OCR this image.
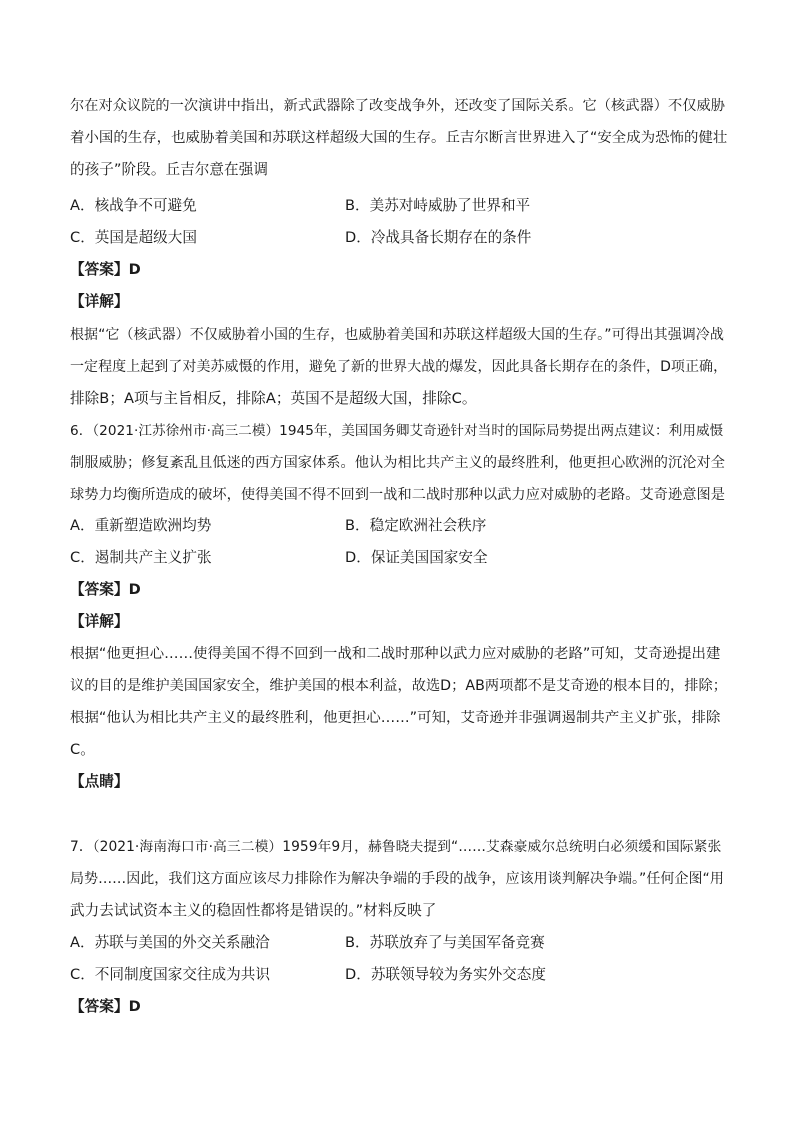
尔在对众议院的一次演讲中指出，新式武器除了改变战争外，还改变了国际关系。它（核武器）不仅威胁
着小国的生存，也威胁着美国和苏联这样超级大国的生存。丘吉尔断言世界进入了“安全成为恐怖的健壮
的孩子”阶段。丘吉尔意在强调
A．核战争不可避免	B．美苏对峙威胁了世界和平
C．英国是超级大国	D．冷战具备长期存在的条件
【答案】D
【详解】
根据“它（核武器）不仅威胁着小国的生存，也威胁着美国和苏联这样超级大国的生存。”可得出其强调冷战
一定程度上起到了对美苏威慑的作用，避免了新的世界大战的爆发，因此具备长期存在的条件，D项正确，
排除B；A项与主旨相反，排除A；英国不是超级大国，排除C。
6．（2021·江苏徐州市·高三二模）1945年，美国国务卿艾奇逊针对当时的国际局势提出两点建议：利用威慑
制服威胁；修复紊乱且低迷的西方国家体系。他认为相比共产主义的最终胜利，他更担心欧洲的沉沦对全
球势力均衡所造成的破坏，使得美国不得不回到一战和二战时那种以武力应对威胁的老路。艾奇逊意图是
A．重新塑造欧洲均势	B．稳定欧洲社会秩序
C．遏制共产主义扩张	D．保证美国国家安全
【答案】D
【详解】
根据“他更担心……使得美国不得不回到一战和二战时那种以武力应对威胁的老路”可知，艾奇逊提出建
议的目的是维护美国国家安全，维护美国的根本利益，故选D；AB两项都不是艾奇逊的根本目的，排除；
根据“他认为相比共产主义的最终胜利，他更担心……”可知，艾奇逊并非强调遏制共产主义扩张，排除
C。
【点睛】
7．（2021·海南海口市·高三二模）1959年9月，赫鲁晓夫提到“……艾森豪威尔总统明白必须缓和国际紧张
局势……因此，我们这方面应该尽力排除作为解决争端的手段的战争，应该用谈判解决争端。”任何企图“用
武力去试试资本主义的稳固性都将是错误的。”材料反映了
A．苏联与美国的外交关系融洽	B．苏联放弃了与美国军备竞赛
C．不同制度国家交往成为共识	D．苏联领导较为务实外交态度
【答案】D
